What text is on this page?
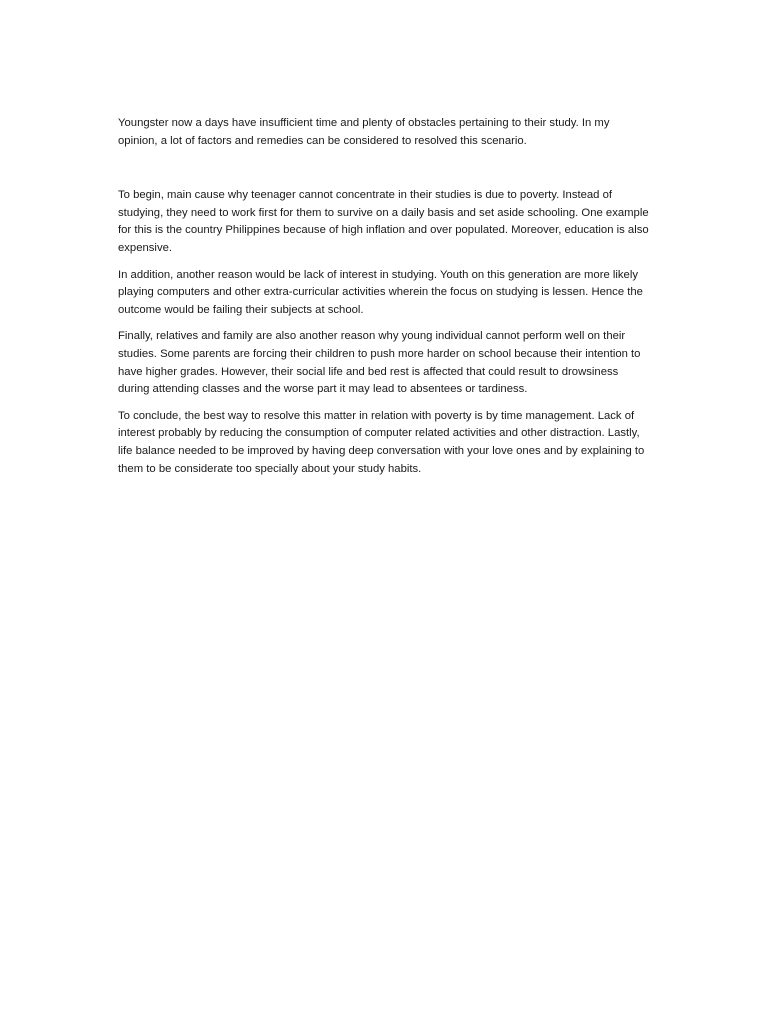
Youngster now a days have insufficient time and plenty of obstacles pertaining to their study. In my opinion, a lot of factors and remedies can be considered to resolved this scenario.

To begin, main cause why teenager cannot concentrate in their studies is due to poverty. Instead of studying, they need to work first for them to survive on a daily basis and set aside schooling. One example for this is the country Philippines because of high inflation and over populated. Moreover, education is also expensive.

In addition, another reason would be lack of interest in studying. Youth on this generation are more likely playing computers and other extra-curricular activities wherein the focus on studying is lessen. Hence the outcome would be failing their subjects at school.

Finally, relatives and family are also another reason why young individual cannot perform well on their studies. Some parents are forcing their children to push more harder on school because their intention to have higher grades. However, their social life and bed rest is affected that could result to drowsiness during attending classes and the worse part it may lead to absentees or tardiness.

To conclude, the best way to resolve this matter in relation with poverty is by time management. Lack of interest probably by reducing the consumption of computer related activities and other distraction. Lastly, life balance needed to be improved by having deep conversation with your love ones and by explaining to them to be considerate too specially about your study habits.
